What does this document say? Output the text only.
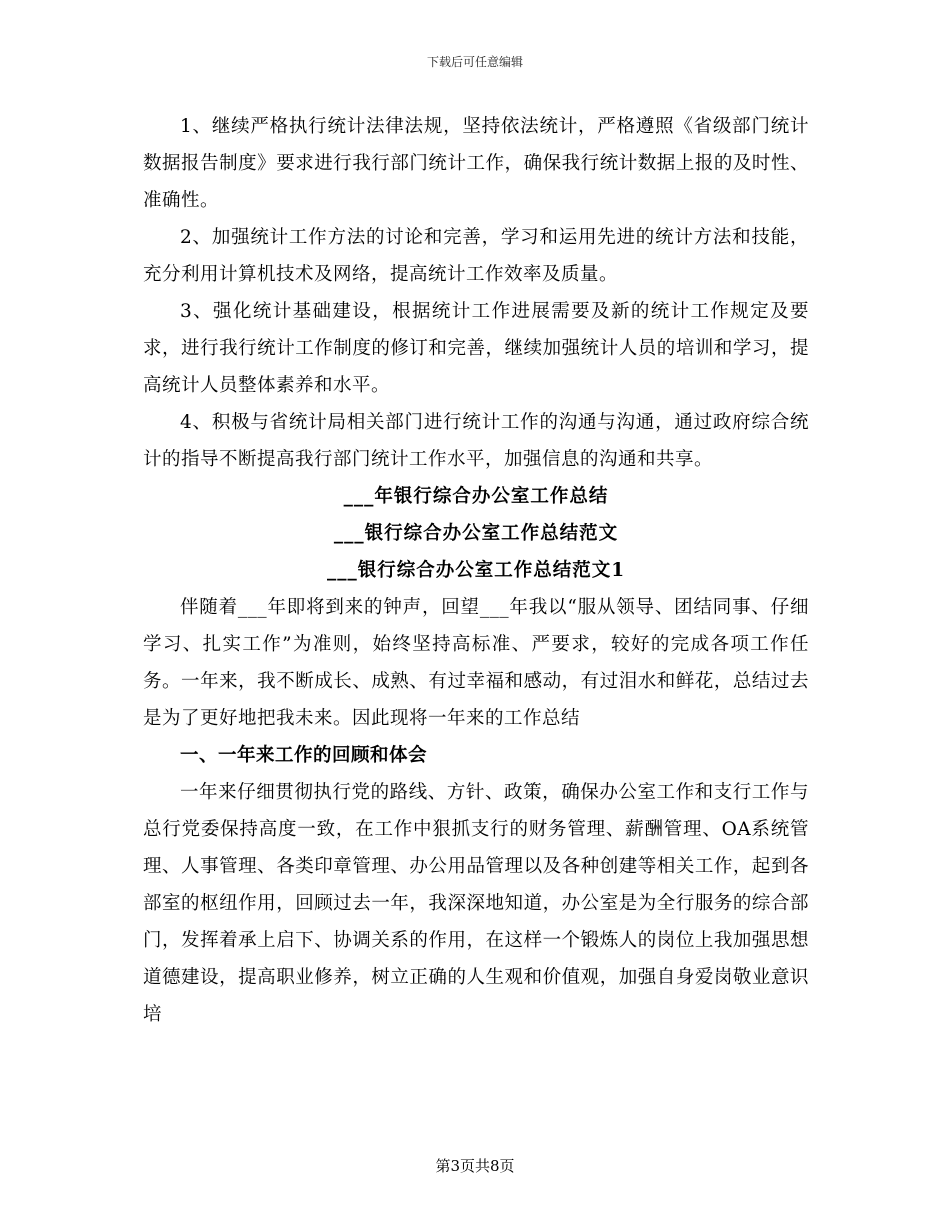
下载后可任意编辑

1、继续严格执行统计法律法规，坚持依法统计，严格遵照《省级部门统计数据报告制度》要求进行我行部门统计工作，确保我行统计数据上报的及时性、准确性。

2、加强统计工作方法的讨论和完善，学习和运用先进的统计方法和技能，充分利用计算机技术及网络，提高统计工作效率及质量。

3、强化统计基础建设，根据统计工作进展需要及新的统计工作规定及要求，进行我行统计工作制度的修订和完善，继续加强统计人员的培训和学习，提高统计人员整体素养和水平。

4、积极与省统计局相关部门进行统计工作的沟通与沟通，通过政府综合统计的指导不断提高我行部门统计工作水平，加强信息的沟通和共享。

___年银行综合办公室工作总结

___银行综合办公室工作总结范文

___银行综合办公室工作总结范文1

伴随着___年即将到来的钟声，回望___年我以“服从领导、团结同事、仔细学习、扎实工作”为准则，始终坚持高标准、严要求，较好的完成各项工作任务。一年来，我不断成长、成熟、有过幸福和感动，有过泪水和鲜花，总结过去是为了更好地把我未来。因此现将一年来的工作总结

一、一年来工作的回顾和体会

一年来仔细贯彻执行党的路线、方针、政策，确保办公室工作和支行工作与总行党委保持高度一致，在工作中狠抓支行的财务管理、薪酬管理、OA系统管理、人事管理、各类印章管理、办公用品管理以及各种创建等相关工作，起到各部室的枢纽作用，回顾过去一年，我深深地知道，办公室是为全行服务的综合部门，发挥着承上启下、协调关系的作用，在这样一个锻炼人的岗位上我加强思想道德建设，提高职业修养，树立正确的人生观和价值观，加强自身爱岗敬业意识培

第3页共8页
